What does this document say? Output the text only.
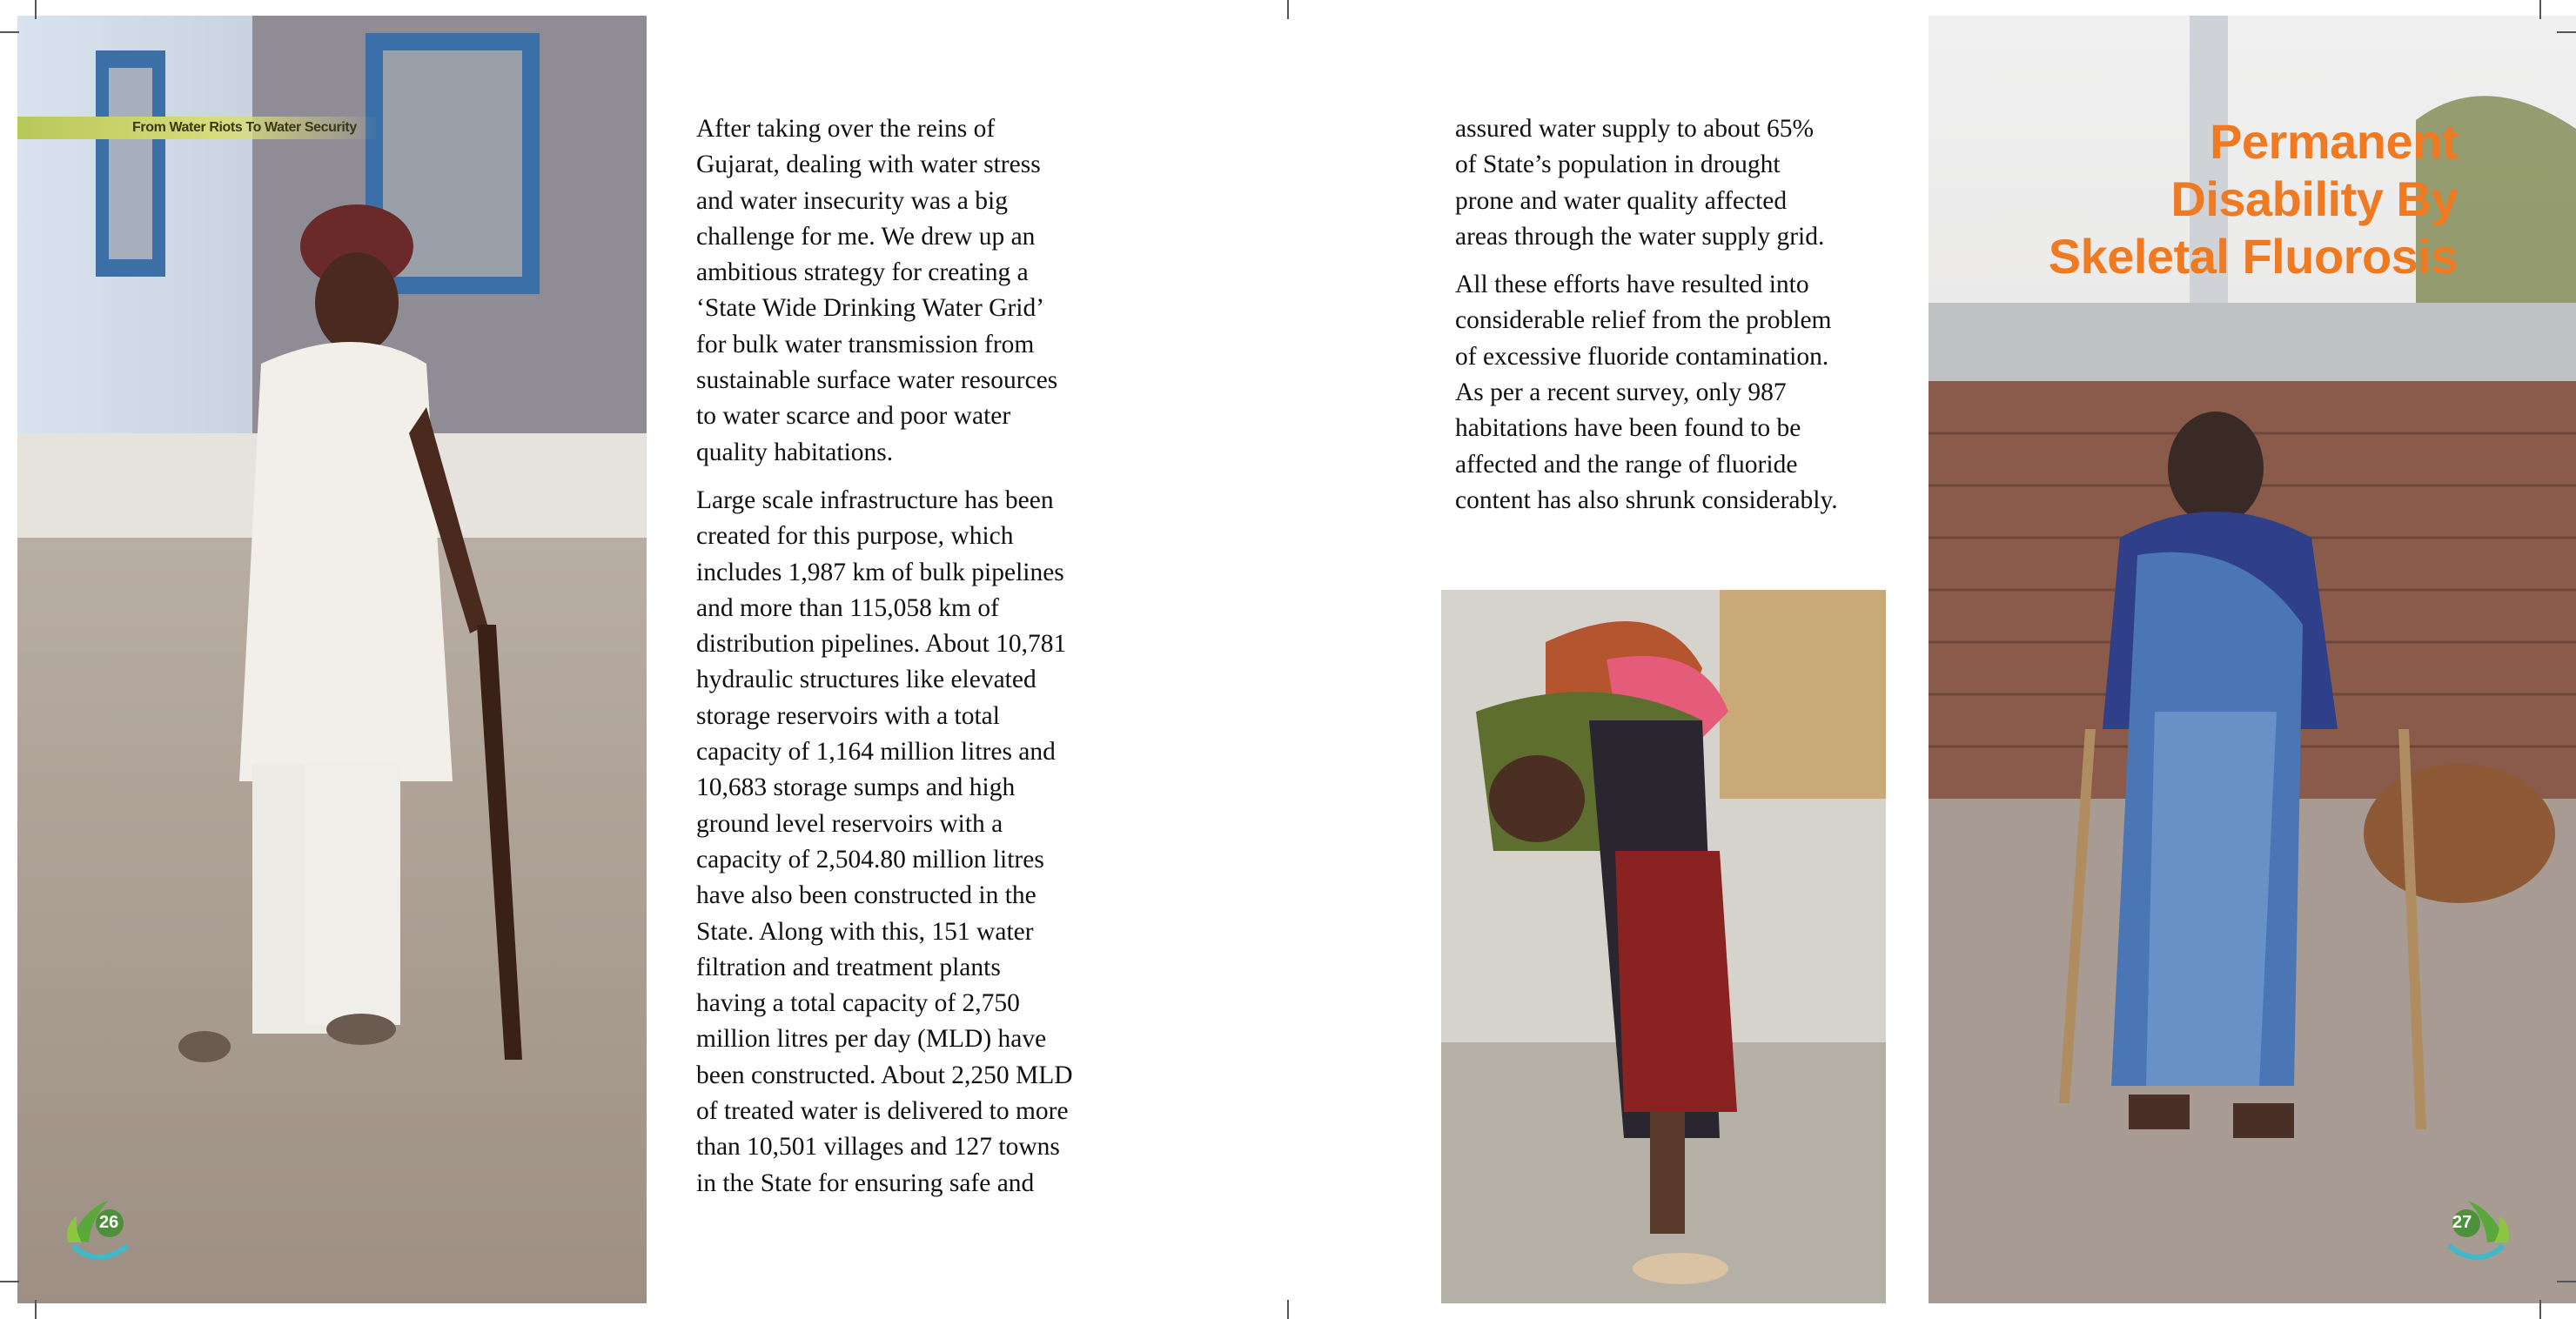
From Water Riots To Water Security	After taking over the reins of
Gujarat, dealing with water stress
and water insecurity was a big
challenge for me. We drew up an
ambitious strategy for creating a
‘State Wide Drinking Water Grid’
for bulk water transmission from
sustainable surface water resources
to water scarce and poor water
quality habitations.

Large scale infrastructure has been
created for this purpose, which
includes 1,987 km of bulk pipelines
and more than 115,058 km of
distribution pipelines. About 10,781
hydraulic structures like elevated
storage reservoirs with a total
capacity of 1,164 million litres and
10,683 storage sumps and high
ground level reservoirs with a
capacity of 2,504.80 million litres
have also been constructed in the
State. Along with this, 151 water
filtration and treatment plants
having a total capacity of 2,750
million litres per day (MLD) have
been constructed. About 2,250 MLD
of treated water is delivered to more
than 10,501 villages and 127 towns
in the State for ensuring safe and

26

assured water supply to about 65%
of State’s population in drought
prone and water quality affected
areas through the water supply grid.

All these efforts have resulted into
considerable relief from the problem
of excessive fluoride contamination.
As per a recent survey, only 987
habitations have been found to be
affected and the range of fluoride
content has also shrunk considerably.

Permanent
Disability By
Skeletal Fluorosis
27
